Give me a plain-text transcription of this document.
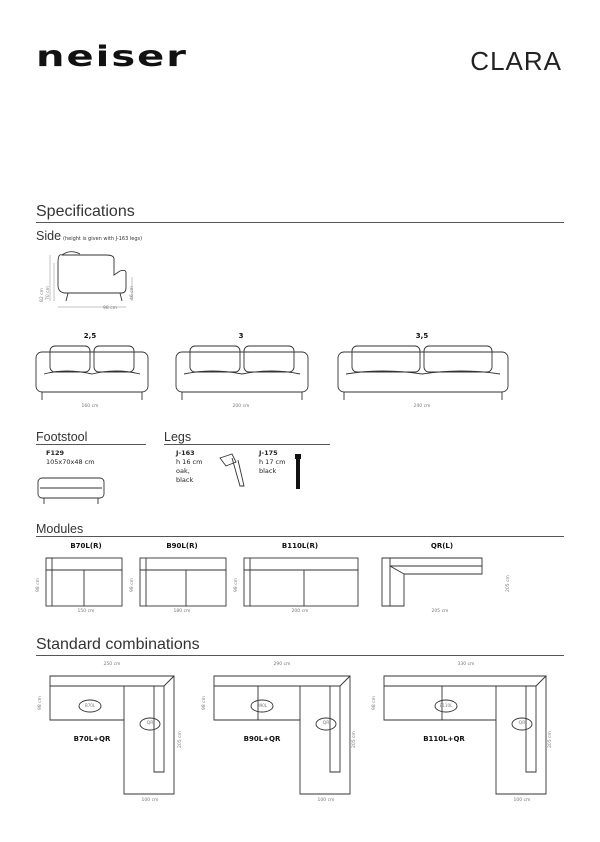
neiser	CLARA
Specifications
Side (height is given with J-163 legs)
82 cm 70 cm	46 cm
98 cm
2,5	3	3,5
160 cm	200 cm	240 cm
Footstool
F129
105x70x48 cm
Legs
J-163
h 16 cm
oak,
black
J-175
h 17 cm
black
Modules
B70L(R)	B90L(R)	B110L(R)	QR(L)
150 cm	180 cm	200 cm	205 cm
98 cm	98 cm	98 cm	205 cm
Standard combinations
250 cm
B70L
QR
B70L+QR
98 cm
205 cm
100 cm
290 cm
B90L
QR
B90L+QR
98 cm
205 cm
100 cm
330 cm
B110L
QR
B110L+QR
98 cm
205 cm
100 cm
